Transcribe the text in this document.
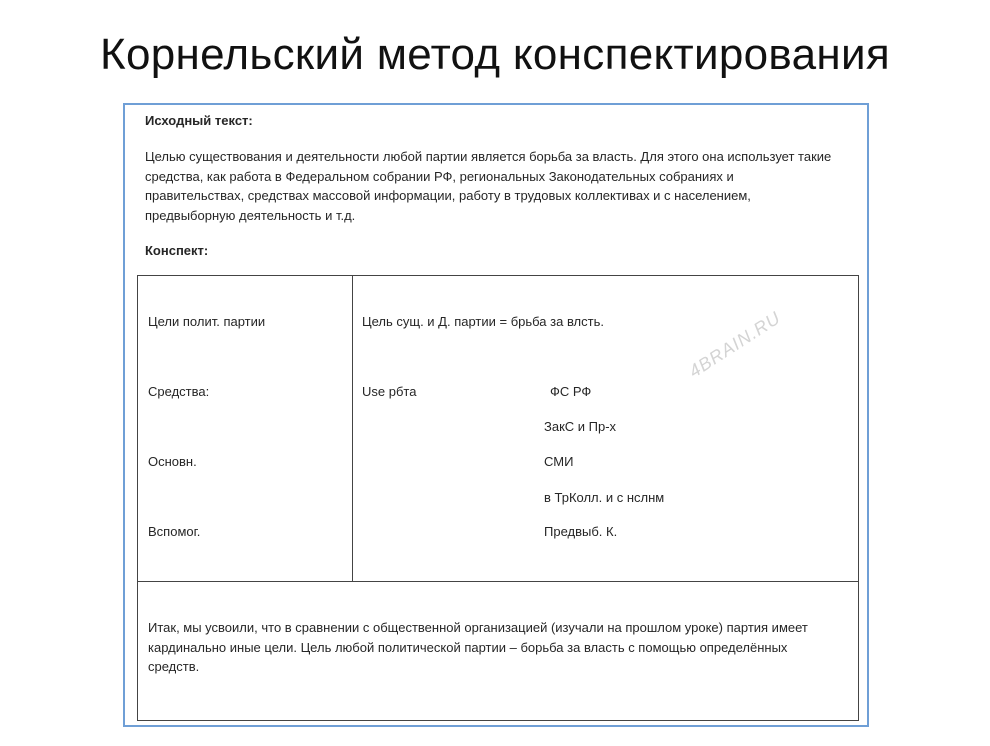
Корнельский метод конспектирования
Исходный текст:
Целью существования и деятельности любой партии является борьба за власть. Для этого она использует такие средства, как работа в Федеральном собрании РФ, региональных Законодательных собраниях и правительствах, средствах массовой информации, работу в трудовых коллективах и с населением, предвыборную деятельность и т.д.
Конспект:
Цели полит. партии
Средства:
Основн.
Вспомог.
Цель сущ. и Д. партии = брьба за влсть.
Use рбта	ФС РФ
ЗакС и Пр-х
СМИ
в ТрКолл. и с нслнм
Предвыб. К.
Итак, мы усвоили, что в сравнении с общественной организацией (изучали на прошлом уроке) партия имеет кардинально иные цели. Цель любой политической партии – борьба за власть с помощью определённых средств.
4BRAIN.RU
